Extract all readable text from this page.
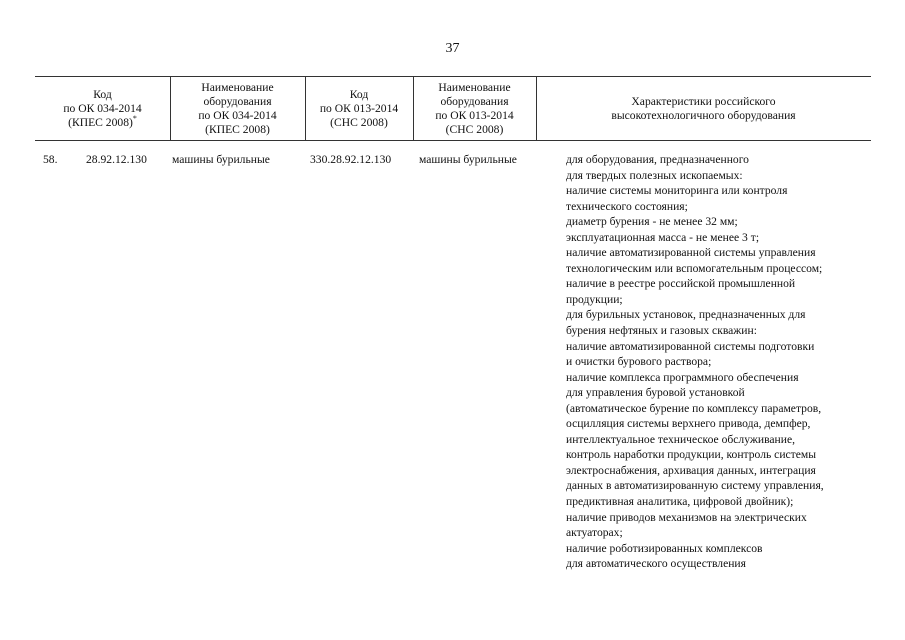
37
Код
по ОК 034-2014
(КПЕС 2008)*
Наименование
оборудования
по ОК 034-2014
(КПЕС 2008)
Код
по ОК 013-2014
(СНС 2008)
Наименование
оборудования
по ОК 013-2014
(СНС 2008)
Характеристики российского
высокотехнологичного оборудования
58. 28.92.12.130 машины бурильные	330.28.92.12.130 машины бурильные	для оборудования, предназначенного
для твердых полезных ископаемых:
наличие системы мониторинга или контроля
технического состояния;
диаметр бурения - не менее 32 мм;
эксплуатационная масса - не менее 3 т;
наличие автоматизированной системы управления
технологическим или вспомогательным процессом;
наличие в реестре российской промышленной
продукции;
для бурильных установок, предназначенных для
бурения нефтяных и газовых скважин:
наличие автоматизированной системы подготовки
и очистки бурового раствора;
наличие комплекса программного обеспечения
для управления буровой установкой
(автоматическое бурение по комплексу параметров,
осцилляция системы верхнего привода, демпфер,
интеллектуальное техническое обслуживание,
контроль наработки продукции, контроль системы
электроснабжения, архивация данных, интеграция
данных в автоматизированную систему управления,
предиктивная аналитика, цифровой двойник);
наличие приводов механизмов на электрических
актуаторах;
наличие роботизированных комплексов
для автоматического осуществления
